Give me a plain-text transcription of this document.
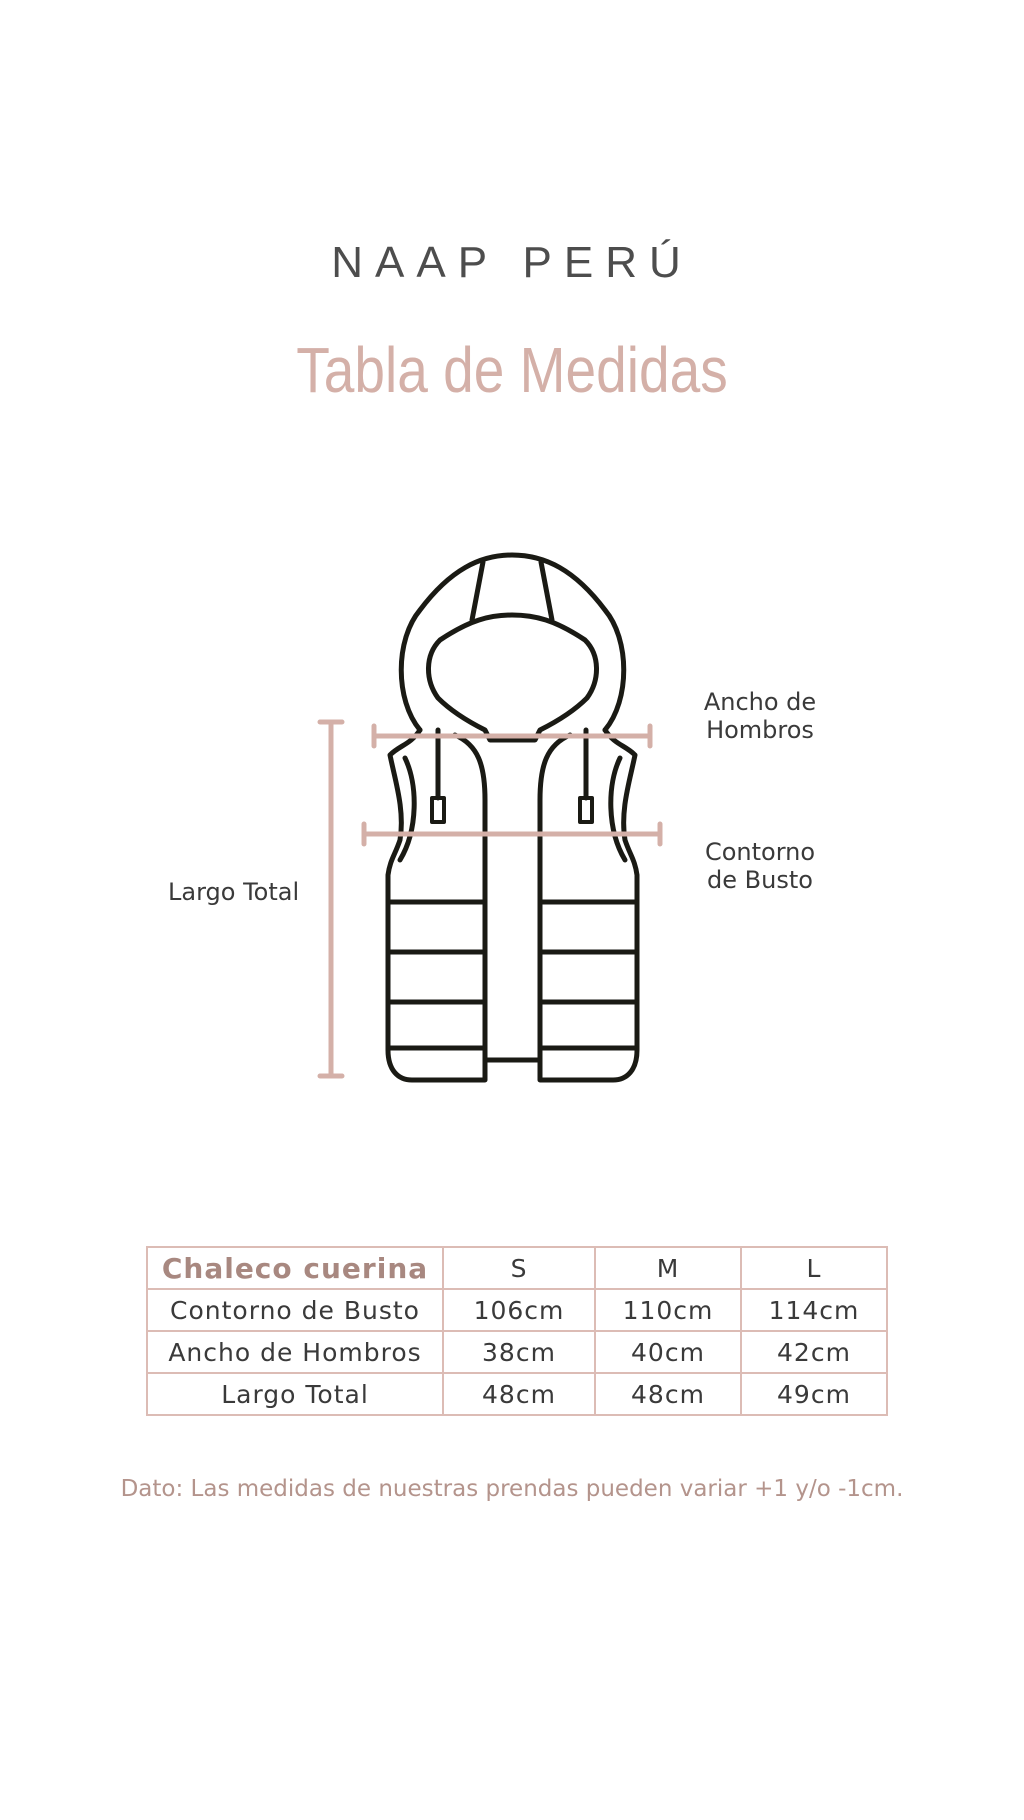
NAAP PERÚ
Tabla de Medidas
Ancho de
Hombros
Contorno
de Busto
Largo Total
Chaleco cuerina	S	M	L
Contorno de Busto	106cm	110cm	114cm
Ancho de Hombros	38cm	40cm	42cm
Largo Total	48cm	48cm	49cm
Dato: Las medidas de nuestras prendas pueden variar +1 y/o -1cm.
